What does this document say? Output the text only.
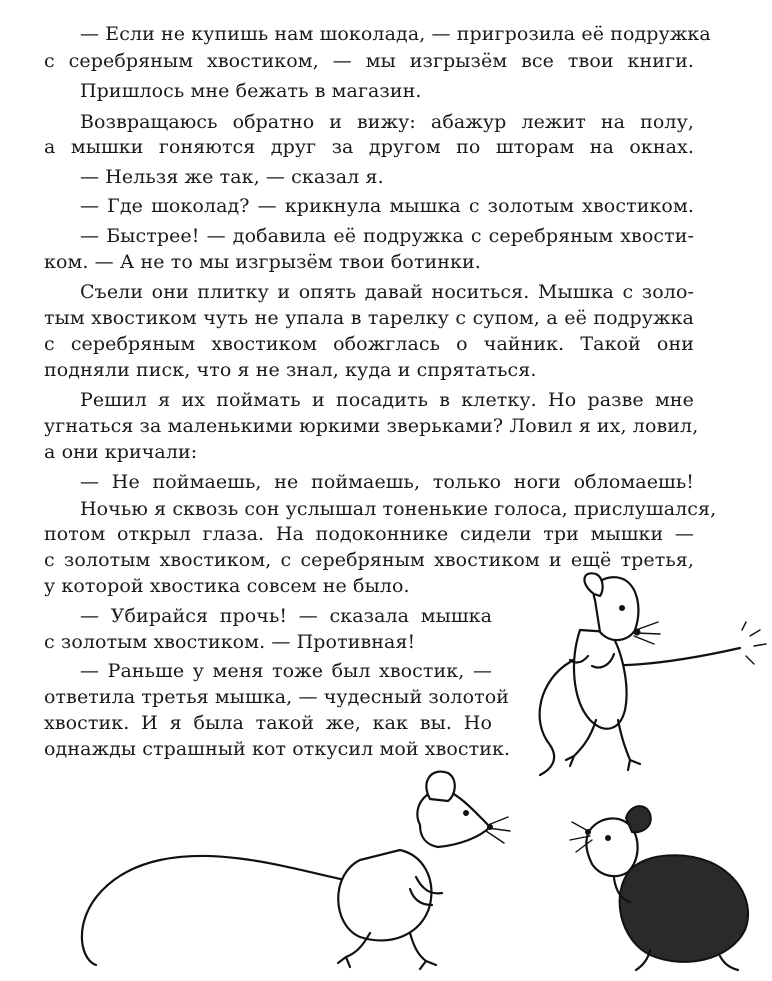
— Если не купишь нам шоколада, — пригрозила её подружка
с серебряным хвостиком, — мы изгрызём все твои книги.
Пришлось мне бежать в магазин.
Возвращаюсь обратно и вижу: абажур лежит на полу,
а мышки гоняются друг за другом по шторам на окнах.
— Нельзя же так, — сказал я.
— Где шоколад? — крикнула мышка с золотым хвостиком.
— Быстрее! — добавила её подружка с серебряным хвости-
ком. — А не то мы изгрызём твои ботинки.
Съели они плитку и опять давай носиться. Мышка с золо-
тым хвостиком чуть не упала в тарелку с супом, а её подружка
с серебряным хвостиком обожглась о чайник. Такой они
подняли писк, что я не знал, куда и спрятаться.
Решил я их поймать и посадить в клетку. Но разве мне
угнаться за маленькими юркими зверьками? Ловил я их, ловил,
а они кричали:
— Не поймаешь, не поймаешь, только ноги обломаешь!
Ночью я сквозь сон услышал тоненькие голоса, прислушался,
потом открыл глаза. На подоконнике сидели три мышки —
с золотым хвостиком, с серебряным хвостиком и ещё третья,
у которой хвостика совсем не было.
— Убирайся прочь! — сказала мышка
с золотым хвостиком. — Противная!
— Раньше у меня тоже был хвостик, —
ответила третья мышка, — чудесный золотой
хвостик. И я была такой же, как вы. Но
однажды страшный кот откусил мой хвостик.
